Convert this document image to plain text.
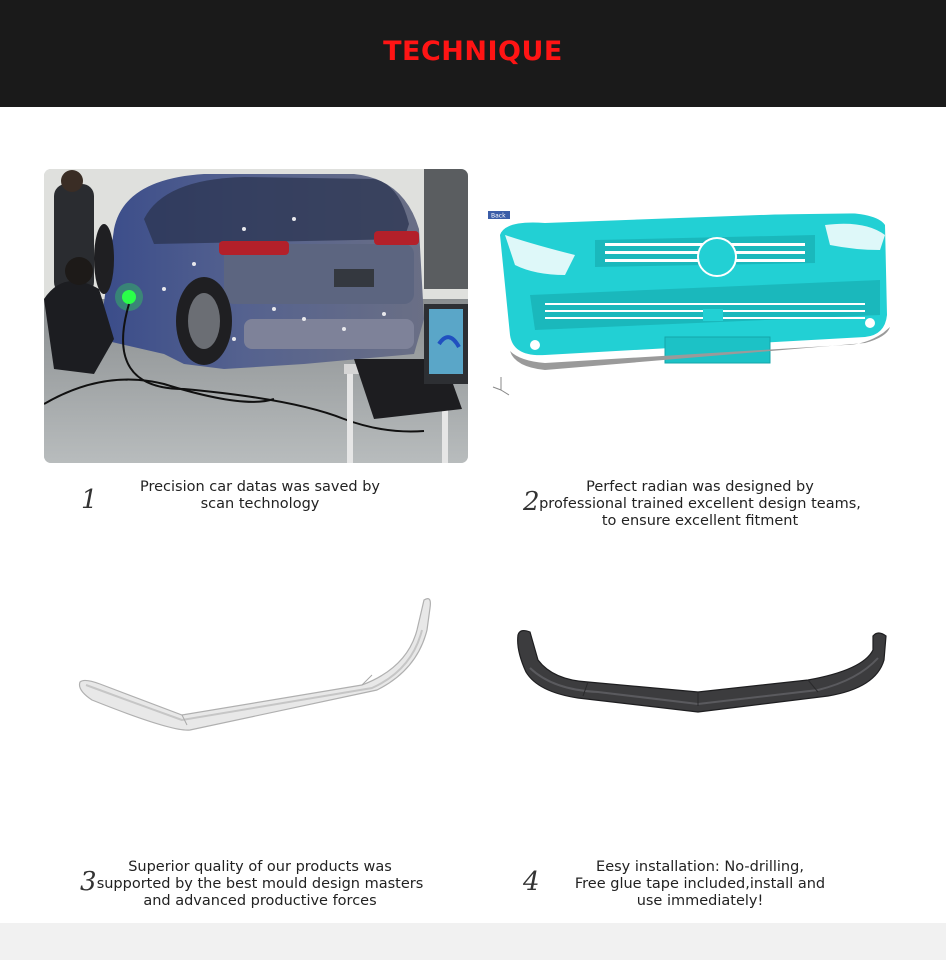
TECHNIQUE
Back
1	Precision car datas was saved by
scan technology	2	Perfect radian was designed by
professional trained excellent design teams,
to ensure excellent fitment
3	Superior quality of our products was
supported by the best mould design masters
and advanced productive forces
4	Eesy installation: No-drilling,
Free glue tape included,install and
use immediately!
